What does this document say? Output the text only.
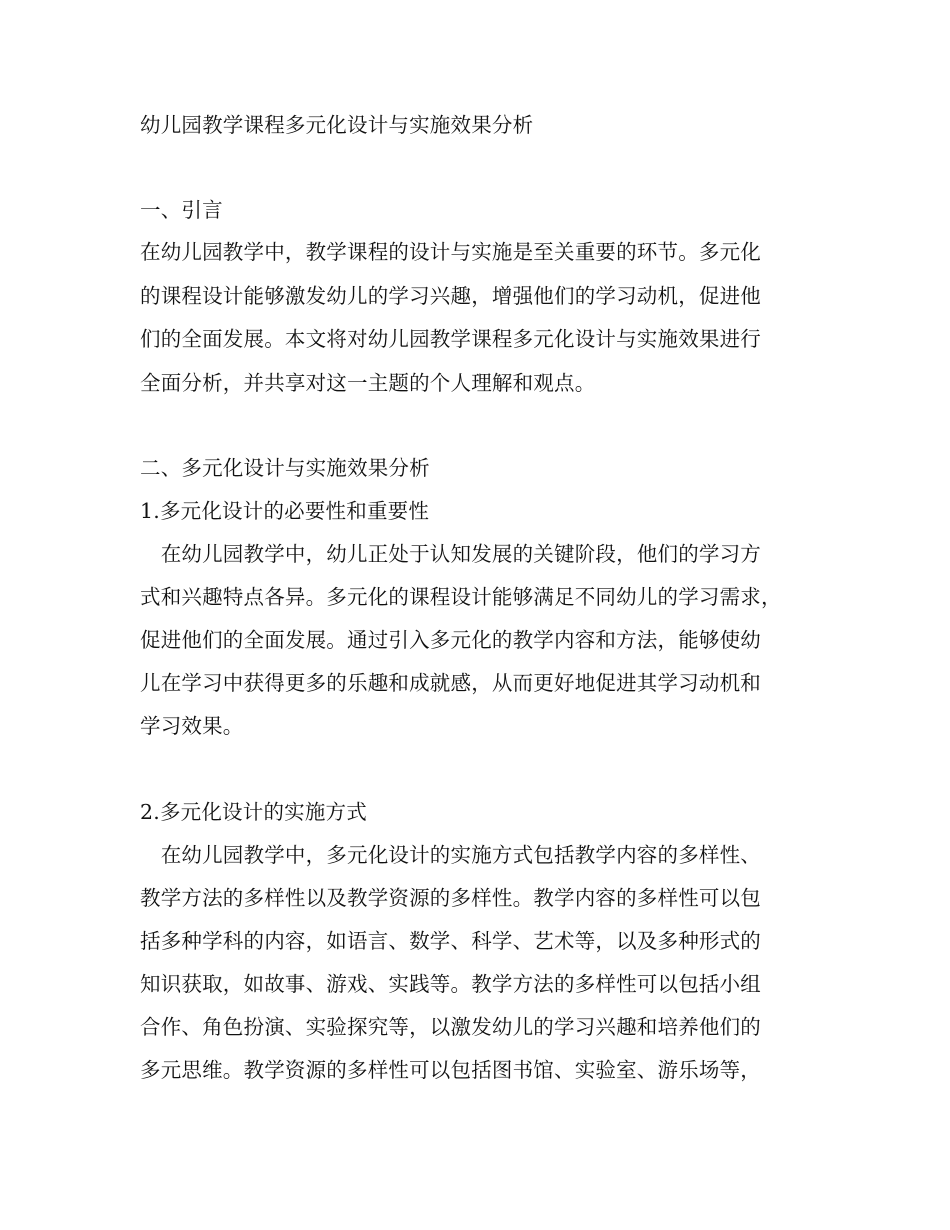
幼儿园教学课程多元化设计与实施效果分析
一、引言
在幼儿园教学中，教学课程的设计与实施是至关重要的环节。多元化
的课程设计能够激发幼儿的学习兴趣，增强他们的学习动机，促进他
们的全面发展。本文将对幼儿园教学课程多元化设计与实施效果进行
全面分析，并共享对这一主题的个人理解和观点。
二、多元化设计与实施效果分析
1.多元化设计的必要性和重要性
　在幼儿园教学中，幼儿正处于认知发展的关键阶段，他们的学习方
式和兴趣特点各异。多元化的课程设计能够满足不同幼儿的学习需求，
促进他们的全面发展。通过引入多元化的教学内容和方法，能够使幼
儿在学习中获得更多的乐趣和成就感，从而更好地促进其学习动机和
学习效果。
2.多元化设计的实施方式
　在幼儿园教学中，多元化设计的实施方式包括教学内容的多样性、
教学方法的多样性以及教学资源的多样性。教学内容的多样性可以包
括多种学科的内容，如语言、数学、科学、艺术等，以及多种形式的
知识获取，如故事、游戏、实践等。教学方法的多样性可以包括小组
合作、角色扮演、实验探究等，以激发幼儿的学习兴趣和培养他们的
多元思维。教学资源的多样性可以包括图书馆、实验室、游乐场等，
